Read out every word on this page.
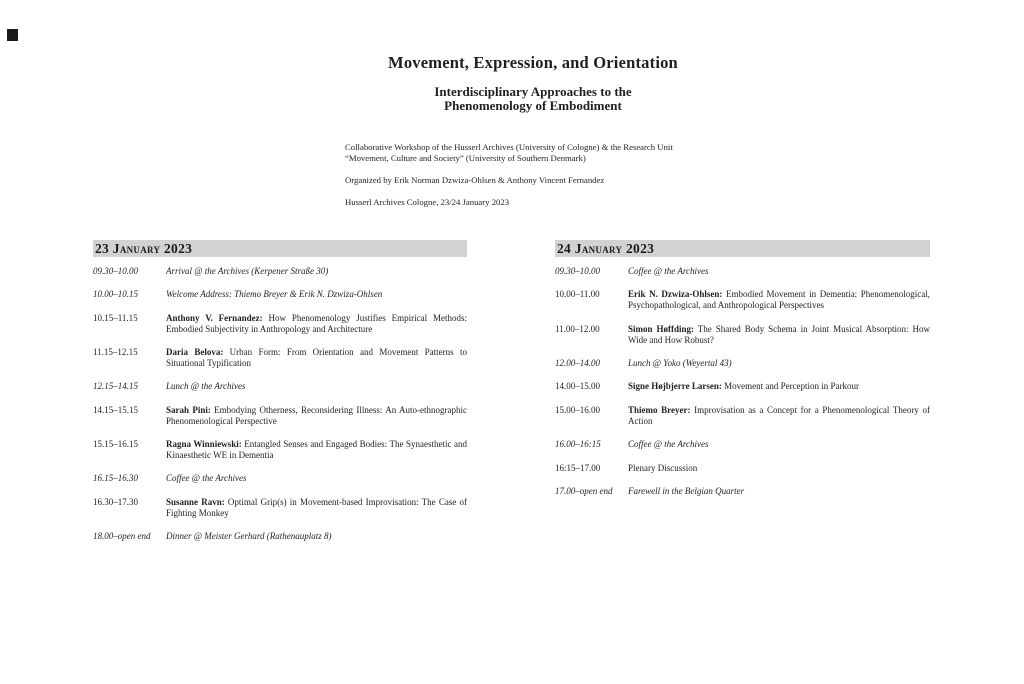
Movement, Expression, and Orientation
Interdisciplinary Approaches to the
Phenomenology of Embodiment

Collaborative Workshop of the Husserl Archives (University of Cologne) & the Research Unit “Movement, Culture and Society” (University of Southern Denmark)

Organized by Erik Norman Dzwiza-Ohlsen & Anthony Vincent Fernandez

Husserl Archives Cologne, 23/24 January 2023

23 January 2023
09.30–10.00	Arrival @ the Archives (Kerpener Straße 30)
10.00–10.15	Welcome Address: Thiemo Breyer & Erik N. Dzwiza-Ohlsen
10.15–11.15	Anthony V. Fernandez: How Phenomenology Justifies Empirical Methods: Embodied Subjectivity in Anthropology and Architecture
11.15–12.15	Daria Belova: Urban Form: From Orientation and Movement Patterns to Situational Typification
12.15–14.15	Lunch @ the Archives
14.15–15.15	Sarah Pini: Embodying Otherness, Reconsidering Illness: An Auto-ethnographic Phenomenological Perspective
15.15–16.15	Ragna Winniewski: Entangled Senses and Engaged Bodies: The Synaesthetic and Kinaesthetic WE in Dementia
16.15–16.30	Coffee @ the Archives
16.30–17.30	Susanne Ravn: Optimal Grip(s) in Movement-based Improvisation: The Case of Fighting Monkey
18.00–open end	Dinner @ Meister Gerhard (Rathenauplatz 8)
24 January 2023
09.30–10.00	Coffee @ the Archives
10.00–11.00	Erik N. Dzwiza-Ohlsen: Embodied Movement in Dementia: Phenomenological, Psychopathological, and Anthropological Perspectives
11.00–12.00	Simon Høffding: The Shared Body Schema in Joint Musical Absorption: How Wide and How Robust?
12.00–14.00	Lunch @ Yoko (Weyertal 43)
14.00–15.00	Signe Højbjerre Larsen: Movement and Perception in Parkour
15.00–16.00	Thiemo Breyer: Improvisation as a Concept for a Phenomenological Theory of Action
16.00–16:15	Coffee @ the Archives
16:15–17.00	Plenary Discussion
17.00–open end	Farewell in the Belgian Quarter
